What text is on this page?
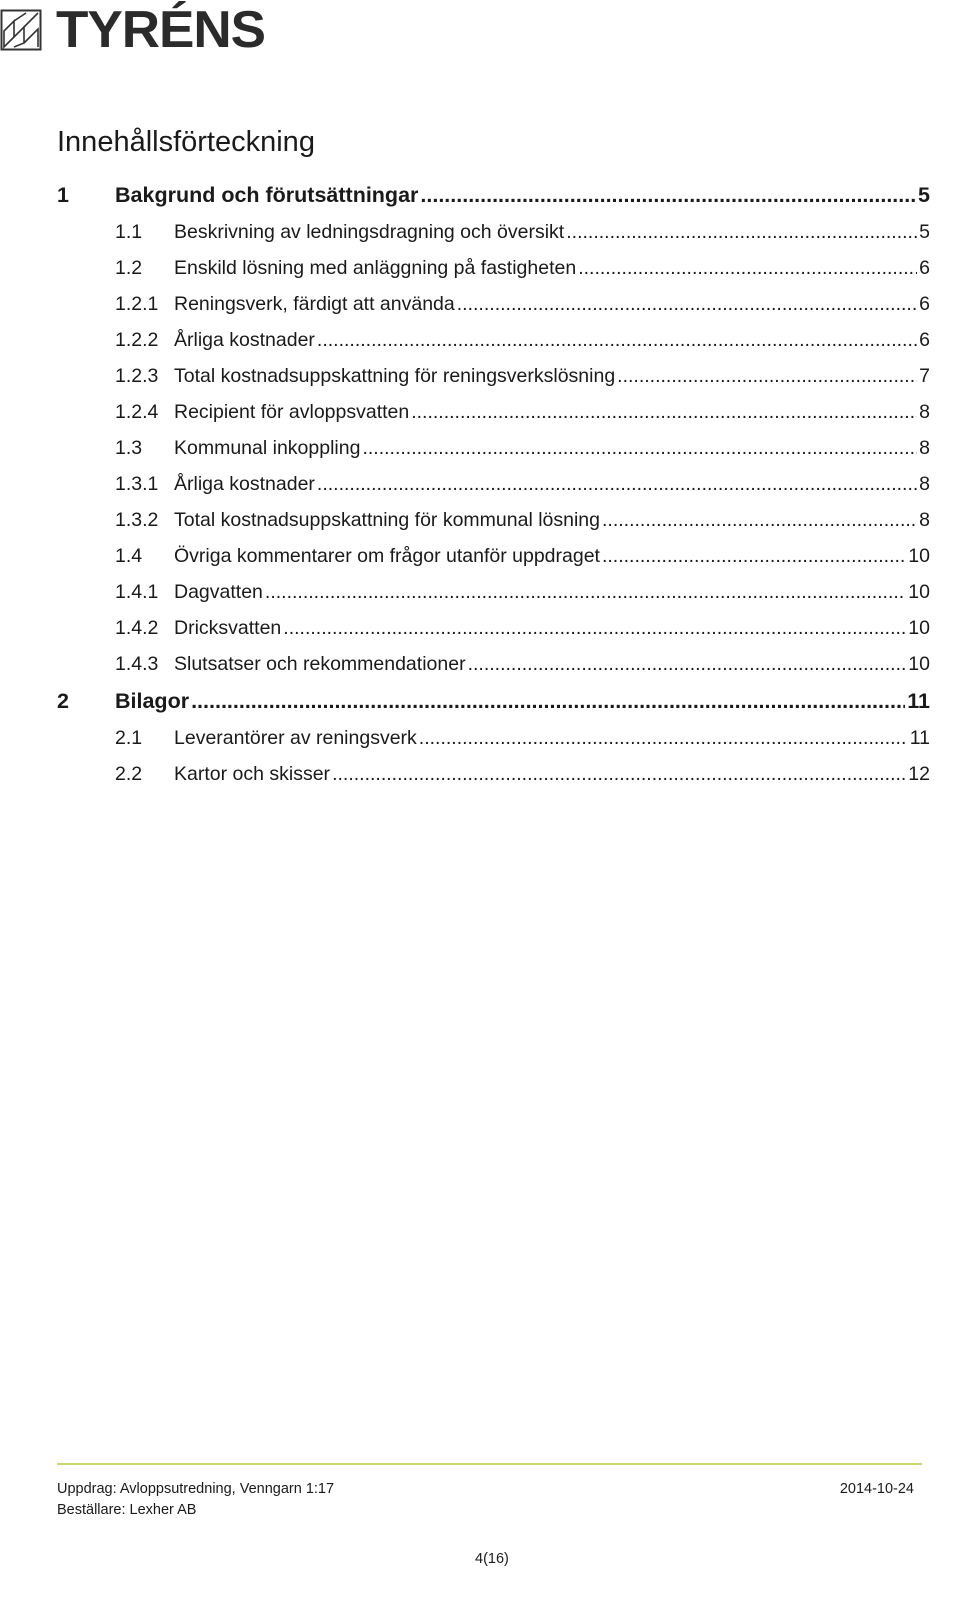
TYRÉNS
Innehållsförteckning
1 Bakgrund och förutsättningar .....	5
1.1 Beskrivning av ledningsdragning och översikt .....	5
1.2 Enskild lösning med anläggning på fastigheten .....	6
1.2.1 Reningsverk, färdigt att använda .....	6
1.2.2 Årliga kostnader .....	6
1.2.3 Total kostnadsuppskattning för reningsverkslösning .....	7
1.2.4 Recipient för avloppsvatten .....	8
1.3 Kommunal inkoppling .....	8
1.3.1 Årliga kostnader .....	8
1.3.2 Total kostnadsuppskattning för kommunal lösning .....	8
1.4 Övriga kommentarer om frågor utanför uppdraget .....	10
1.4.1 Dagvatten .....	10
1.4.2 Dricksvatten .....	10
1.4.3 Slutsatser och rekommendationer .....	10
2 Bilagor .....	11
2.1 Leverantörer av reningsverk .....	11
2.2 Kartor och skisser .....	12
Uppdrag: Avloppsutredning, Venngarn 1:17
Beställare: Lexher AB
2014-10-24
4(16)
